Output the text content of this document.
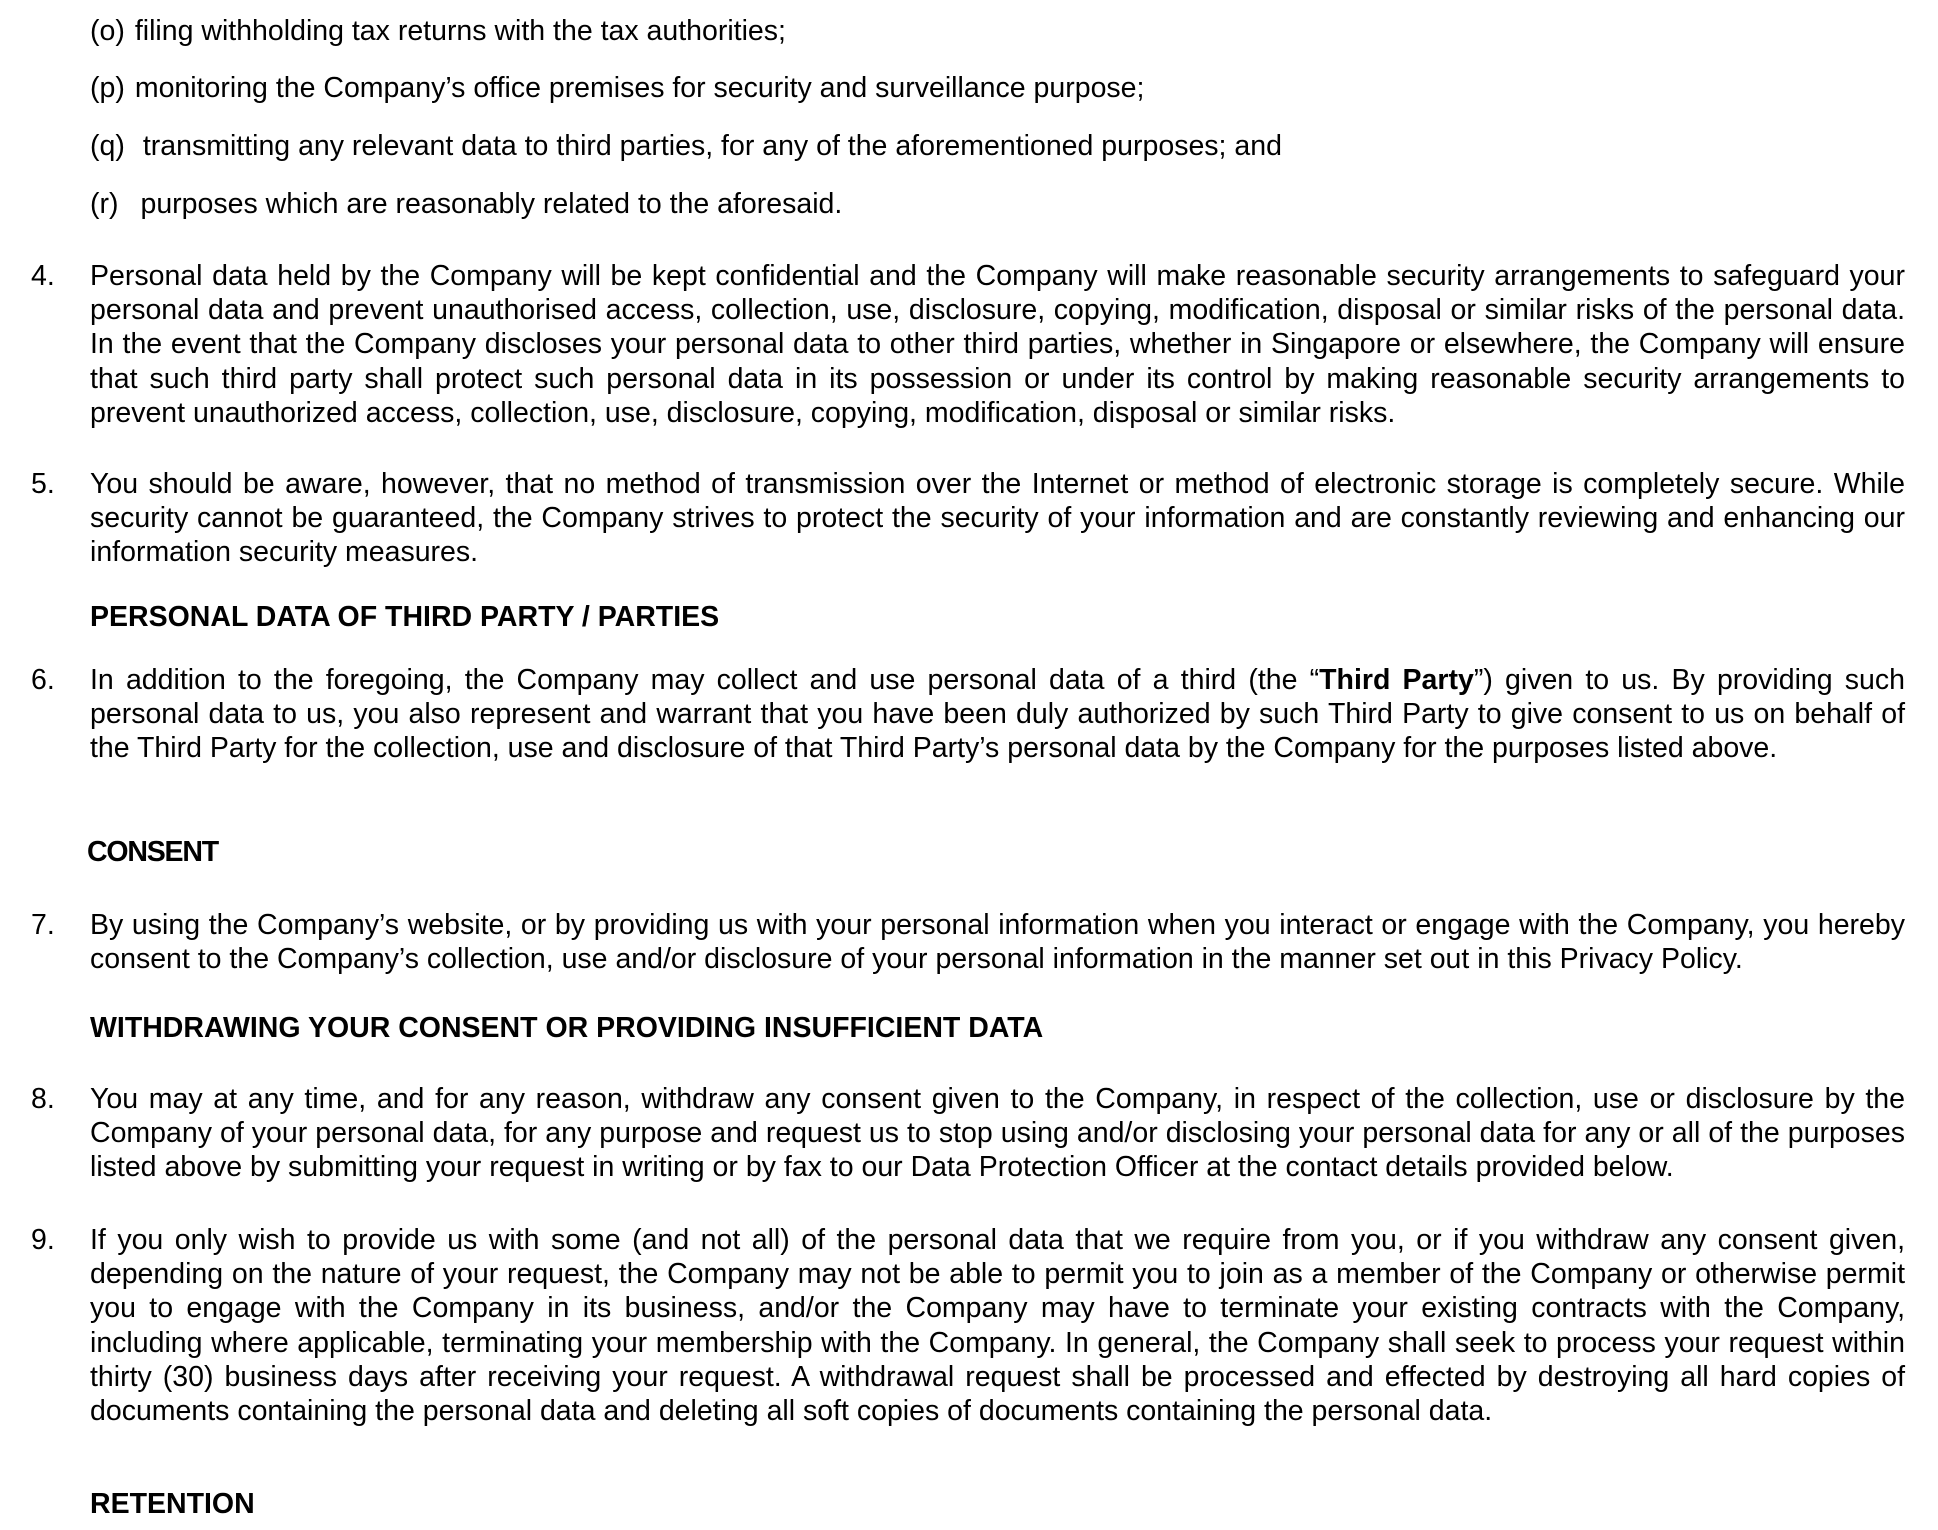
(o) filing withholding tax returns with the tax authorities;
(p) monitoring the Company’s office premises for security and surveillance purpose;
(q) transmitting any relevant data to third parties, for any of the aforementioned purposes; and
(r) purposes which are reasonably related to the aforesaid.
4. Personal data held by the Company will be kept confidential and the Company will make reasonable security arrangements to safeguard your personal data and prevent unauthorised access, collection, use, disclosure, copying, modification, disposal or similar risks of the personal data. In the event that the Company discloses your personal data to other third parties, whether in Singapore or elsewhere, the Company will ensure that such third party shall protect such personal data in its possession or under its control by making reasonable security arrangements to prevent unauthorized access, collection, use, disclosure, copying, modification, disposal or similar risks.
5. You should be aware, however, that no method of transmission over the Internet or method of electronic storage is completely secure. While security cannot be guaranteed, the Company strives to protect the security of your information and are constantly reviewing and enhancing our information security measures.
PERSONAL DATA OF THIRD PARTY / PARTIES
6. In addition to the foregoing, the Company may collect and use personal data of a third (the “Third Party”) given to us. By providing such personal data to us, you also represent and warrant that you have been duly authorized by such Third Party to give consent to us on behalf of the Third Party for the collection, use and disclosure of that Third Party’s personal data by the Company for the purposes listed above.
CONSENT
7. By using the Company’s website, or by providing us with your personal information when you interact or engage with the Company, you hereby consent to the Company’s collection, use and/or disclosure of your personal information in the manner set out in this Privacy Policy.
WITHDRAWING YOUR CONSENT OR PROVIDING INSUFFICIENT DATA
8. You may at any time, and for any reason, withdraw any consent given to the Company, in respect of the collection, use or disclosure by the Company of your personal data, for any purpose and request us to stop using and/or disclosing your personal data for any or all of the purposes listed above by submitting your request in writing or by fax to our Data Protection Officer at the contact details provided below.
9. If you only wish to provide us with some (and not all) of the personal data that we require from you, or if you withdraw any consent given, depending on the nature of your request, the Company may not be able to permit you to join as a member of the Company or otherwise permit you to engage with the Company in its business, and/or the Company may have to terminate your existing contracts with the Company, including where applicable, terminating your membership with the Company. In general, the Company shall seek to process your request within thirty (30) business days after receiving your request. A withdrawal request shall be processed and effected by destroying all hard copies of documents containing the personal data and deleting all soft copies of documents containing the personal data.
RETENTION
